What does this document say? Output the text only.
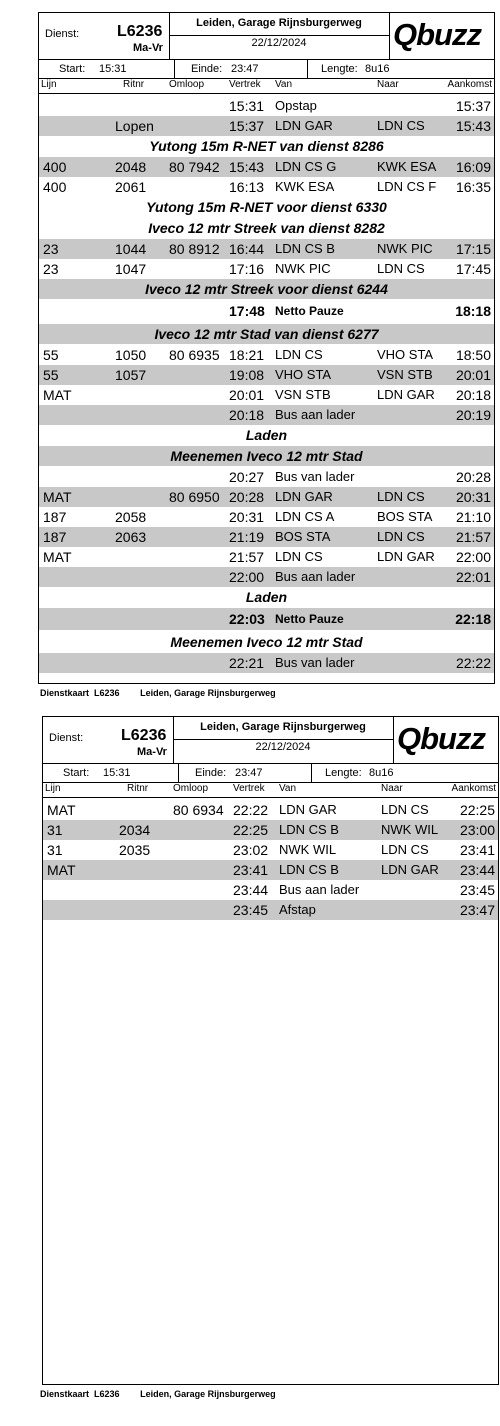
Dienst: L6236
Ma-Vr
Leiden, Garage Rijnsburgerweg
22/12/2024	Qbuzz
Start: 15:31	Einde: 23:47	Lengte: 8u16
Lijn	Ritnr Omloop Vertrek Van	Naar	Aankomst
15:31 Opstap	15:37
Lopen	15:37 LDN GAR	LDN CS 15:43
Yutong 15m R-NET van dienst 8286
400	2048 80 7942 15:43 LDN CS G	KWK ESA 16:09
400	2061	16:13 KWK ESA	LDN CS F 16:35
Yutong 15m R-NET voor dienst 6330
Iveco 12 mtr Streek van dienst 8282
23	1044 80 8912 16:44 LDN CS B	NWK PIC 17:15
23	1047	17:16 NWK PIC	LDN CS 17:45
Iveco 12 mtr Streek voor dienst 6244
17:48 Netto Pauze	18:18
Iveco 12 mtr Stad van dienst 6277
55	1050 80 6935 18:21 LDN CS	VHO STA 18:50
55	1057	19:08 VHO STA	VSN STB 20:01
MAT	20:01 VSN STB	LDN GAR 20:18
20:18 Bus aan lader	20:19
Laden
Meenemen Iveco 12 mtr Stad
20:27 Bus van lader	20:28
MAT	80 6950 20:28 LDN GAR	LDN CS 20:31
187	2058	20:31 LDN CS A	BOS STA 21:10
187	2063	21:19 BOS STA	LDN CS 21:57
MAT	21:57 LDN CS	LDN GAR 22:00
22:00 Bus aan lader	22:01
Laden
22:03 Netto Pauze	22:18
Meenemen Iveco 12 mtr Stad
22:21 Bus van lader	22:22
Dienstkaart L6236 Leiden, Garage Rijnsburgerweg
Dienst: L6236
Ma-Vr
Leiden, Garage Rijnsburgerweg
22/12/2024	Qbuzz
Start: 15:31	Einde: 23:47	Lengte: 8u16
Lijn	Ritnr Omloop Vertrek Van	Naar	Aankomst
MAT	80 6934 22:22 LDN GAR	LDN CS 22:25
31	2034	22:25 LDN CS B	NWK WIL 23:00
31	2035	23:02 NWK WIL	LDN CS 23:41
MAT	23:41 LDN CS B	LDN GAR 23:44
23:44 Bus aan lader	23:45
23:45 Afstap	23:47
Dienstkaart L6236 Leiden, Garage Rijnsburgerweg
